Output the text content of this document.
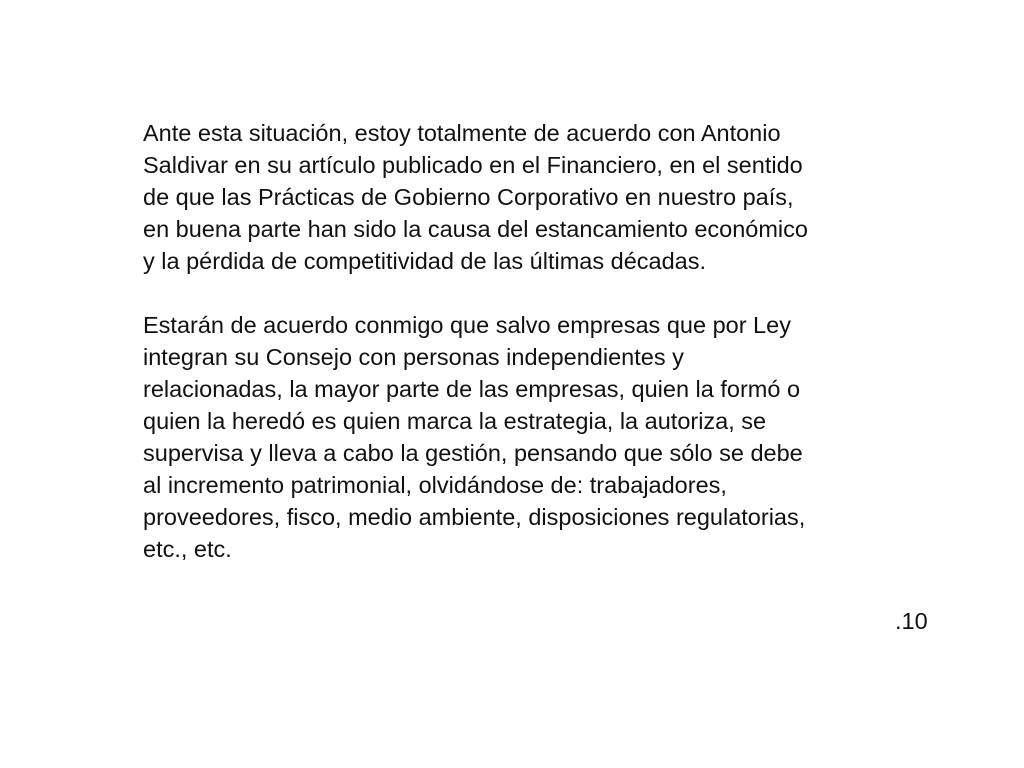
Ante esta situación, estoy totalmente de acuerdo con Antonio
Saldivar en su artículo publicado en el Financiero, en el sentido
de que las Prácticas de Gobierno Corporativo en nuestro país,
en buena parte han sido la causa del estancamiento económico
y la pérdida de competitividad de las últimas décadas.

Estarán de acuerdo conmigo que salvo empresas que por Ley
integran su Consejo con personas independientes y
relacionadas, la mayor parte de las empresas, quien la formó o
quien la heredó es quien marca la estrategia, la autoriza, se
supervisa y lleva a cabo la gestión, pensando que sólo se debe
al incremento patrimonial, olvidándose de: trabajadores,
proveedores, fisco, medio ambiente, disposiciones regulatorias,
etc., etc.

.10
